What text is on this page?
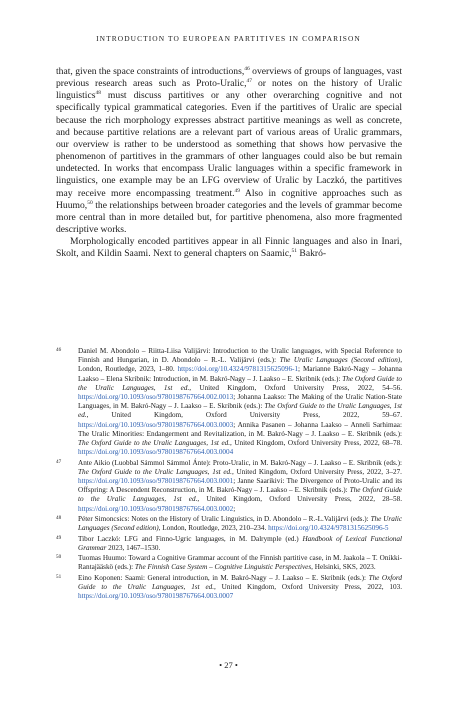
INTRODUCTION TO EUROPEAN PARTITIVES IN COMPARISON

that, given the space constraints of introductions,$^{46}$ overviews of groups of languages, vast previous research areas such as Proto-Uralic,$^{47}$ or notes on the history of Uralic linguistics$^{48}$ must discuss partitives or any other overarching cognitive and not specifically typical grammatical categories. Even if the partitives of Uralic are special because the rich morphology expresses abstract partitive meanings as well as concrete, and because partitive relations are a relevant part of various areas of Uralic grammars, our overview is rather to be understood as something that shows how pervasive the phenomenon of partitives in the grammars of other languages could also be but remain undetected. In works that encompass Uralic languages within a specific framework in linguistics, one example may be an LFG overview of Uralic by Laczkó, the partitives may receive more encompassing treatment.$^{49}$ Also in cognitive approaches such as Huumo,$^{50}$ the relationships between broader categories and the levels of grammar become more central than in more detailed but, for partitive phenomena, also more fragmented descriptive works.

Morphologically encoded partitives appear in all Finnic languages and also in Inari, Skolt, and Kildin Saami. Next to general chapters on Saamic,$^{51}$ Bakró-

46 Daniel M. Abondolo – Riitta-Liisa Valijärvi: Introduction to the Uralic languages, with Special Reference to Finnish and Hungarian, in D. Abondolo – R.-L. Valijärvi (eds.): The Uralic Languages (Second edition), London, Routledge, 2023, 1–80. https://doi.org/10.4324/9781315625096-1; Marianne Bakró-Nagy – Johanna Laakso – Elena Skribnik: Introduction, in M. Bakró-Nagy – J. Laakso – E. Skribnik (eds.): The Oxford Guide to the Uralic Languages, 1st ed., United Kingdom, Oxford University Press, 2022, 54–56. https://doi.org/10.1093/oso/9780198767664.002.0013; Johanna Laakso: The Making of the Uralic Nation-State Languages, in M. Bakró-Nagy – J. Laakso – E. Skribnik (eds.): The Oxford Guide to the Uralic Languages, 1st ed., United Kingdom, Oxford University Press, 2022, 59–67. https://doi.org/10.1093/oso/9780198767664.003.0003; Annika Pasanen – Johanna Laakso – Anneli Sarhimaa: The Uralic Minorities: Endangerment and Revitalization, in M. Bakró-Nagy – J. Laakso – E. Skribnik (eds.): The Oxford Guide to the Uralic Languages, 1st ed., United Kingdom, Oxford University Press, 2022, 68–78. https://doi.org/10.1093/oso/9780198767664.003.0004
47 Ante Aikio (Luobbal Sámmol Sámmol Ánte): Proto-Uralic, in M. Bakró-Nagy – J. Laakso – E. Skribnik (eds.): The Oxford Guide to the Uralic Languages, 1st ed., United Kingdom, Oxford University Press, 2022, 3–27. https://doi.org/10.1093/oso/9780198767664.003.0001; Janne Saarikivi: The Divergence of Proto-Uralic and its Offspring: A Descendent Reconstruction, in M. Bakró-Nagy – J. Laakso – E. Skribnik (eds.): The Oxford Guide to the Uralic Languages, 1st ed., United Kingdom, Oxford University Press, 2022, 28–58. https://doi.org/10.1093/oso/9780198767664.003.0002;
48 Péter Simoncsics: Notes on the History of Uralic Linguistics, in D. Abondolo – R.-L.Valijärvi (eds.): The Uralic Languages (Second edition), London, Routledge, 2023, 210–234. https://doi.org/10.4324/9781315625096-5
49 Tibor Laczkó: LFG and Finno-Ugric languages, in M. Dalrymple (ed.) Handbook of Lexical Functional Grammar 2023, 1467–1530.
50 Tuomas Huumo: Toward a Cognitive Grammar account of the Finnish partitive case, in M. Jaakola – T. Onikki-Rantajääskö (eds.): The Finnish Case System – Cognitive Linguistic Perspectives, Helsinki, SKS, 2023.
51 Eino Koponen: Saami: General introduction, in M. Bakró-Nagy – J. Laakso – E. Skribnik (eds.): The Oxford Guide to the Uralic Languages, 1st ed., United Kingdom, Oxford University Press, 2022, 103. https://doi.org/10.1093/oso/9780198767664.003.0007
• 27 •
